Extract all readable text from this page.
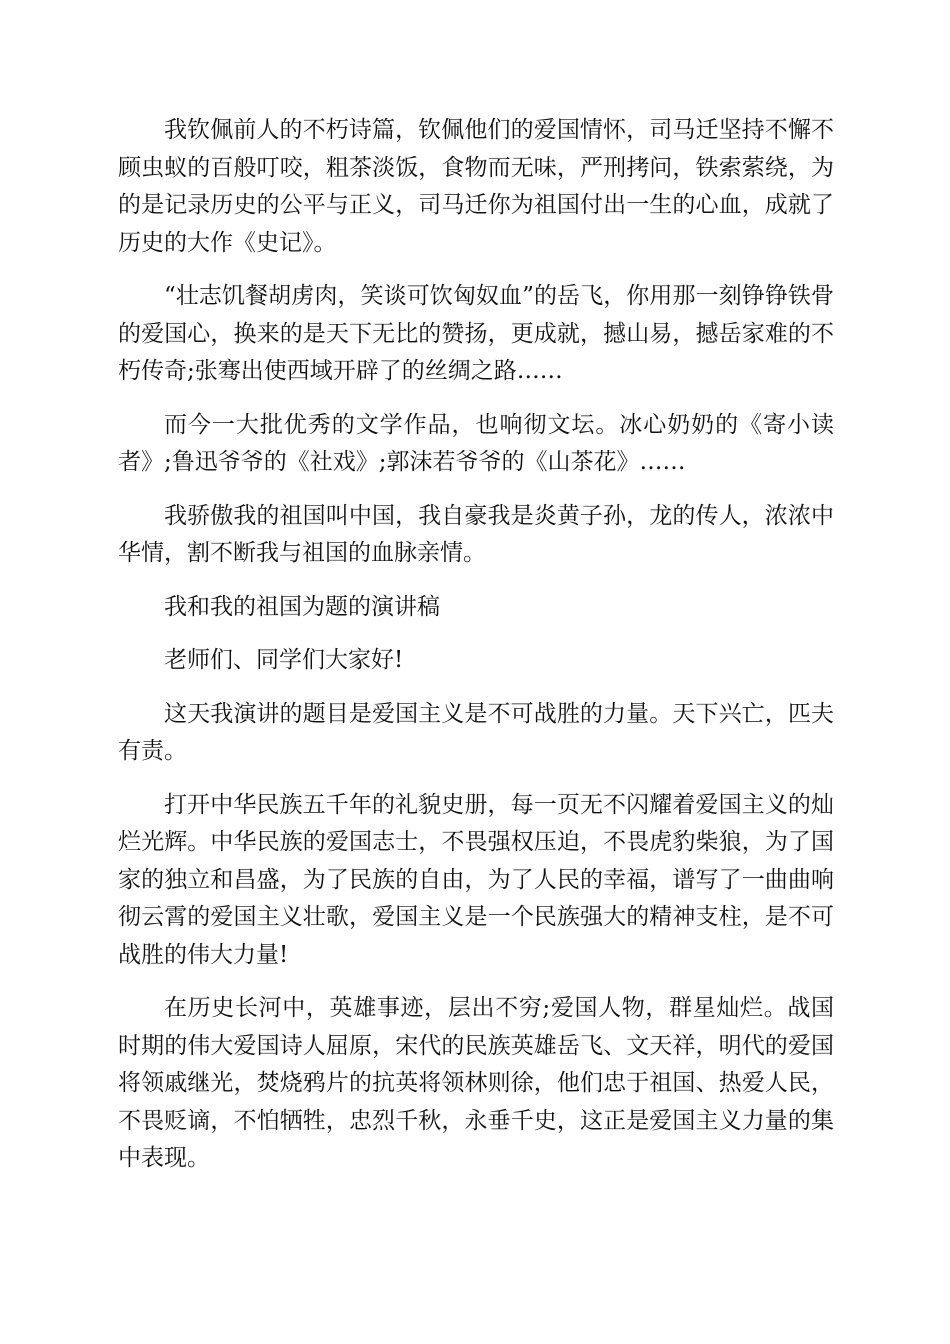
我钦佩前人的不朽诗篇，钦佩他们的爱国情怀，司马迁坚持不懈不顾虫蚁的百般叮咬，粗茶淡饭，食物而无味，严刑拷问，铁索萦绕，为的是记录历史的公平与正义，司马迁你为祖国付出一生的心血，成就了历史的大作《史记》。

“壮志饥餐胡虏肉，笑谈可饮匈奴血”的岳飞，你用那一刻铮铮铁骨的爱国心，换来的是天下无比的赞扬，更成就，撼山易，撼岳家难的不朽传奇;张骞出使西域开辟了的丝绸之路……

而今一大批优秀的文学作品，也响彻文坛。冰心奶奶的《寄小读者》;鲁迅爷爷的《社戏》;郭沫若爷爷的《山茶花》……

我骄傲我的祖国叫中国，我自豪我是炎黄子孙，龙的传人，浓浓中华情，割不断我与祖国的血脉亲情。

我和我的祖国为题的演讲稿

老师们、同学们大家好!

这天我演讲的题目是爱国主义是不可战胜的力量。天下兴亡，匹夫有责。

打开中华民族五千年的礼貌史册，每一页无不闪耀着爱国主义的灿烂光辉。中华民族的爱国志士，不畏强权压迫，不畏虎豹柴狼，为了国家的独立和昌盛，为了民族的自由，为了人民的幸福，谱写了一曲曲响彻云霄的爱国主义壮歌，爱国主义是一个民族强大的精神支柱，是不可战胜的伟大力量!

在历史长河中，英雄事迹，层出不穷;爱国人物，群星灿烂。战国时期的伟大爱国诗人屈原，宋代的民族英雄岳飞、文天祥，明代的爱国将领戚继光，焚烧鸦片的抗英将领林则徐，他们忠于祖国、热爱人民，不畏贬谪，不怕牺牲，忠烈千秋，永垂千史，这正是爱国主义力量的集中表现。
